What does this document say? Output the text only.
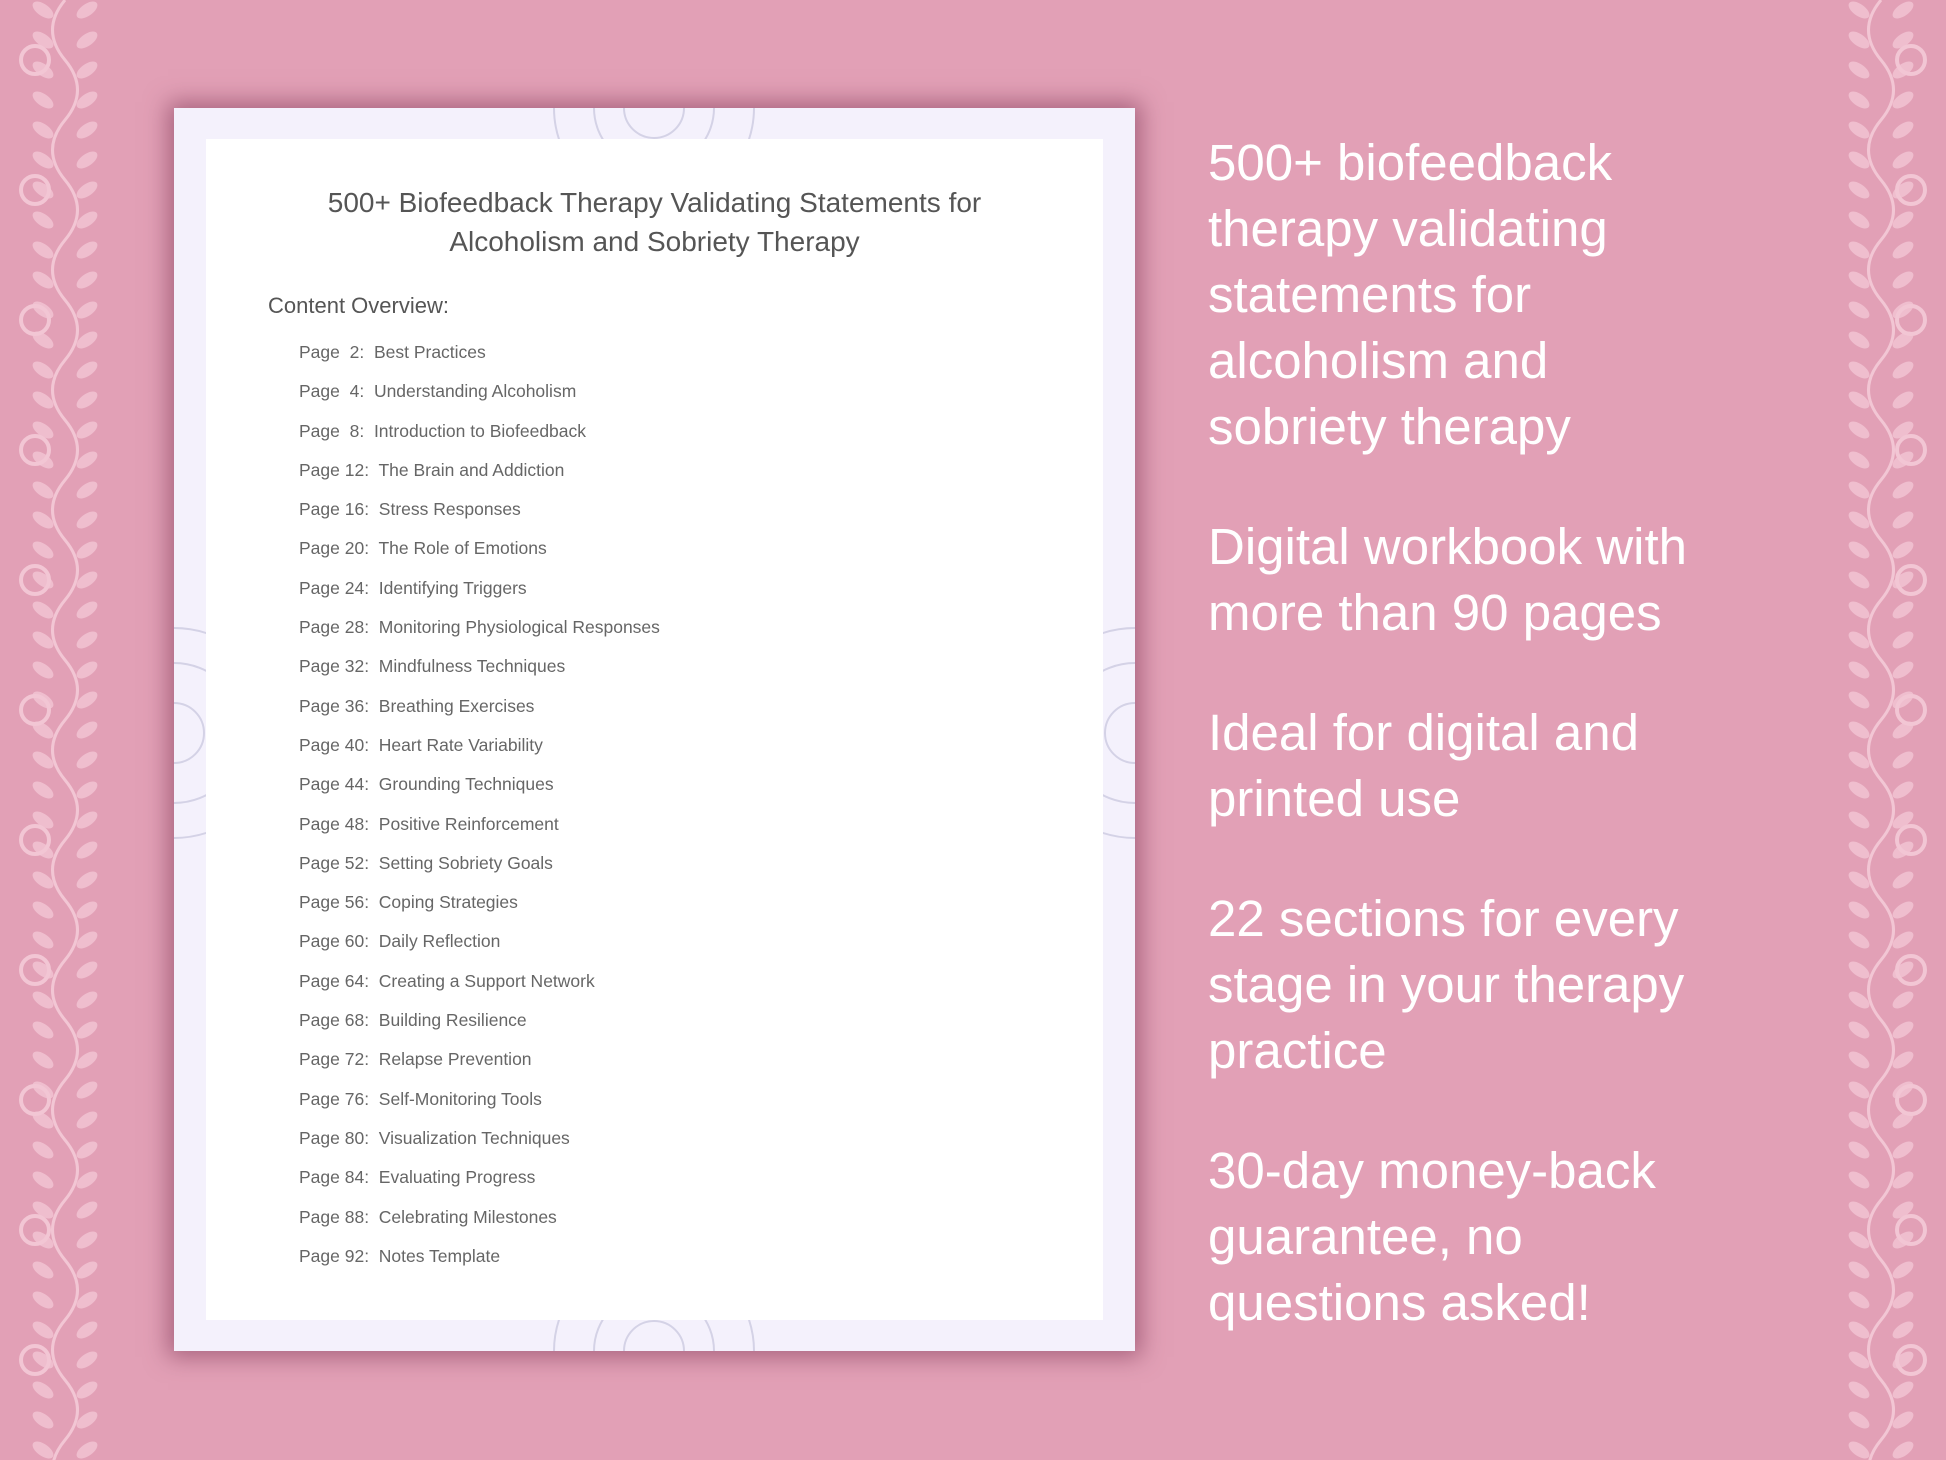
500+ Biofeedback Therapy Validating Statements for
Alcoholism and Sobriety Therapy
Content Overview:
Page  2: Best Practices
Page  4: Understanding Alcoholism
Page  8: Introduction to Biofeedback
Page 12: The Brain and Addiction
Page 16: Stress Responses
Page 20: The Role of Emotions
Page 24: Identifying Triggers
Page 28: Monitoring Physiological Responses
Page 32: Mindfulness Techniques
Page 36: Breathing Exercises
Page 40: Heart Rate Variability
Page 44: Grounding Techniques
Page 48: Positive Reinforcement
Page 52: Setting Sobriety Goals
Page 56: Coping Strategies
Page 60: Daily Reflection
Page 64: Creating a Support Network
Page 68: Building Resilience
Page 72: Relapse Prevention
Page 76: Self-Monitoring Tools
Page 80: Visualization Techniques
Page 84: Evaluating Progress
Page 88: Celebrating Milestones
Page 92: Notes Template
500+ biofeedback
therapy validating
statements for
alcoholism and
sobriety therapy
Digital workbook with
more than 90 pages
Ideal for digital and
printed use
22 sections for every
stage in your therapy
practice
30-day money-back
guarantee, no
questions asked!
